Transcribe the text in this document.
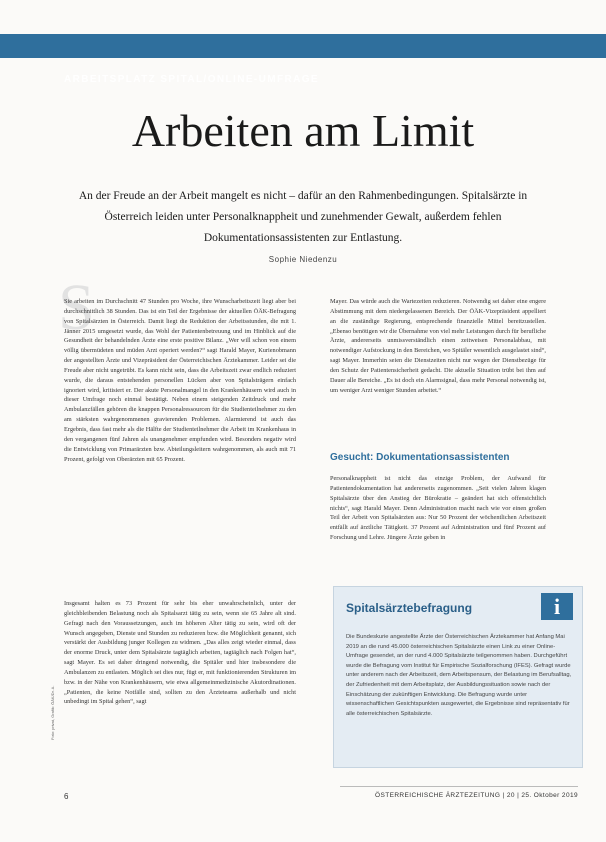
ARBEITSPLATZ SPITAL/ONLINE-UMFRAGE
Arbeiten am Limit
An der Freude an der Arbeit mangelt es nicht – dafür an den Rahmenbedingungen. Spitalsärzte in Österreich leiden unter Personalknappheit und zunehmender Gewalt, außerdem fehlen Dokumentationsassistenten zur Entlastung.
Sophie Niedenzu
S

Sie arbeiten im Durchschnitt 47 Stunden pro Woche, ihre Wunscharbeitszeit liegt aber bei durchschnittlich 38 Stunden. Das ist ein Teil der Ergebnisse der aktuellen ÖÄK-Befragung von Spitalsärzten in Österreich. Damit liegt die Reduktion der Arbeitsstunden, die mit 1. Jänner 2015 umgesetzt wurde, das Wohl der Patientenbetreuung und im Hinblick auf die Gesundheit der behandelnden Ärzte eine erste positive Bilanz. „Wer will schon von einem völlig übermüdeten und müden Arzt operiert werden?“ sagt Harald Mayer, Kurienobmann der angestellten Ärzte und Vizepräsident der Österreichischen Ärztekammer. Leider sei die Freude aber nicht ungetrübt. Es kann nicht sein, dass die Arbeitszeit zwar endlich reduziert wurde, die daraus entstehenden personellen Lücken aber von Spitalsträgern einfach ignoriert wird, kritisiert er. Der akute Personalmangel in den Krankenhäusern wird auch in dieser Umfrage noch einmal bestätigt. Neben einem steigenden Zeitdruck und mehr Ambulanzfällen gehören die knappen Personalressourcen für die Studienteilnehmer zu den am stärksten wahrgenommenen gravierenden Problemen. Alarmierend ist auch das Ergebnis, dass fast mehr als die Hälfte der Studienteilnehmer die Arbeit im Krankenhaus in den vergangenen fünf Jahren als unangenehmer empfunden wird. Besonders negativ wird die Entwicklung von Primarärzten bzw. Abteilungsleitern wahrgenommen, als auch mit 71 Prozent, gefolgt von Oberärzten mit 65 Prozent.

Insgesamt halten es 73 Prozent für sehr bis eher unwahrscheinlich, unter der gleichbleibenden Belastung noch als Spitalsarzt tätig zu sein, wenn sie 65 Jahre alt sind. Gefragt nach den Voraussetzungen, auch im höheren Alter tätig zu sein, wird oft der Wunsch angegeben, Dienste und Stunden zu reduzieren bzw. die Möglichkeit genannt, sich verstärkt der Ausbildung junger Kollegen zu widmen. „Das alles zeigt wieder einmal, dass der enorme Druck, unter dem Spitalsärzte tagtäglich arbeiten, tagtäglich nach Folgen hat“, sagt Mayer. Es sei daher dringend notwendig, die Spitäler und hier insbesondere die Ambulanzen zu entlasten. Möglich sei dies nur, fügt er, mit funktionierenden Strukturen im bzw. in der Nähe von Krankenhäusern, wie etwa allgemeinmedizinische Akutordinationen. „Patienten, die keine Notfälle sind, sollten zu den Ärzteteams außerhalb und nicht unbedingt im Spital gehen“, sagt

Mayer. Das würde auch die Wartezeiten reduzieren. Notwendig sei daher eine engere Abstimmung mit dem niedergelassenen Bereich. Der ÖÄK-Vizepräsident appelliert an die zuständige Regierung, entsprechende finanzielle Mittel bereitzustellen. „Ebenso benötigen wir die Übernahme von viel mehr Leistungen durch für berufliche Ärzte, andererseits unmissverständlich einen zeitweisen Personalabbau, mit notwendiger Aufstockung in den Bereichen, wo Spitäler wesentlich ausgelastet sind“, sagt Mayer. Immerhin seien die Dienstzeiten nicht nur wegen der Dienstbezüge für den Schutz der Patientensicherheit gedacht. Die aktuelle Situation trübt bei ihm auf Dauer alle Bereiche. „Es ist doch ein Alarmsignal, dass mehr Personal notwendig ist, um weniger Arzt weniger Stunden arbeitet.“

Gesucht: Dokumentationsassistenten

Personalknappheit ist nicht das einzige Problem, der Aufwand für Patientendokumentation hat andererseits zugenommen. „Seit vielen Jahren klagen Spitalsärzte über den Anstieg der Bürokratie – geändert hat sich offensichtlich nichts“, sagt Harald Mayer. Denn Administration macht nach wie vor einen großen Teil der Arbeit von Spitalsärzten aus: Nur 50 Prozent der wöchentlichen Arbeitszeit entfällt auf ärztliche Tätigkeit. 37 Prozent auf Administration und fünf Prozent auf Forschung und Lehre. Jüngere Ärzte geben in

Spitalsärztebefragung	i
Die Bundeskurie angestellte Ärzte der Österreichischen Ärztekammer hat Anfang Mai 2019 an die rund 45.000 österreichischen Spitalsärzte einen Link zu einer Online-Umfrage gesendet, an der rund 4.000 Spitalsärzte teilgenommen haben. Durchgeführt wurde die Befragung vom Institut für Empirische Sozialforschung (IFES). Gefragt wurde unter anderem nach der Arbeitszeit, dem Arbeitspensum, der Belastung im Berufsalltag, der Zufriedenheit mit dem Arbeitsplatz, der Ausbildungssituation sowie nach der Einschätzung der zukünftigen Entwicklung. Die Befragung wurde unter wissenschaftlichen Gesichtspunkten ausgewertet, die Ergebnisse sind repräsentativ für alle österreichischen Spitalsärzte.
Foto: privat, Grafik: ÖÄK/Dr. A.
6	ÖSTERREICHISCHE ÄRZTEZEITUNG | 20 | 25. Oktober 2019
